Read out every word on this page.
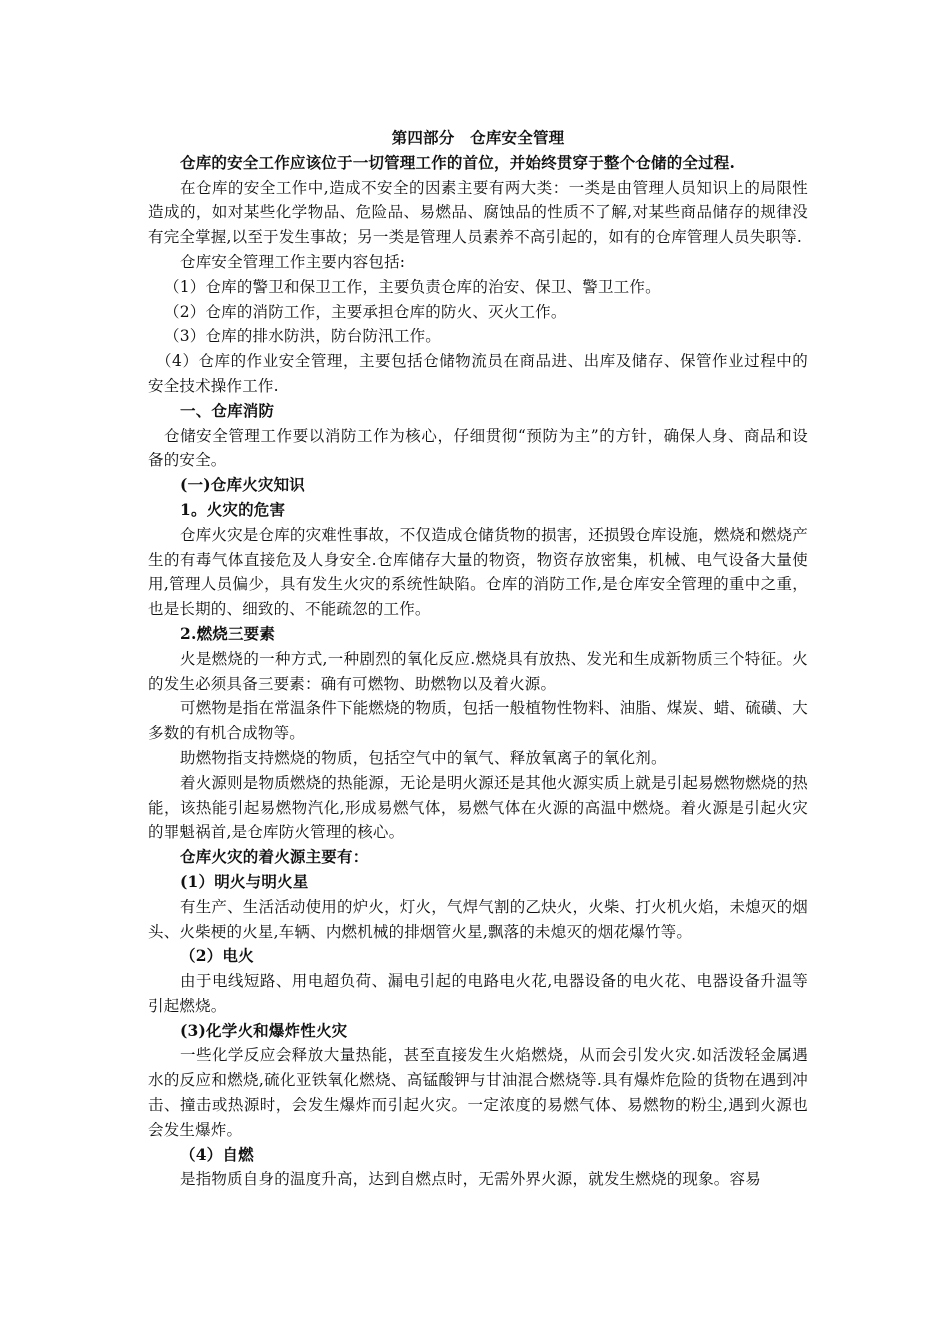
第四部分　仓库安全管理

仓库的安全工作应该位于一切管理工作的首位，并始终贯穿于整个仓储的全过程.

在仓库的安全工作中,造成不安全的因素主要有两大类：一类是由管理人员知识上的局限性造成的，如对某些化学物品、危险品、易燃品、腐蚀品的性质不了解,对某些商品储存的规律没有完全掌握,以至于发生事故；另一类是管理人员素养不高引起的，如有的仓库管理人员失职等.

仓库安全管理工作主要内容包括:

（1）仓库的警卫和保卫工作，主要负责仓库的治安、保卫、警卫工作。

（2）仓库的消防工作，主要承担仓库的防火、灭火工作。

（3）仓库的排水防洪，防台防汛工作。

（4）仓库的作业安全管理，主要包括仓储物流员在商品进、出库及储存、保管作业过程中的安全技术操作工作.

一、仓库消防

仓储安全管理工作要以消防工作为核心，仔细贯彻“预防为主”的方针，确保人身、商品和设备的安全。

(一)仓库火灾知识

1。火灾的危害

仓库火灾是仓库的灾难性事故，不仅造成仓储货物的损害，还损毁仓库设施，燃烧和燃烧产生的有毒气体直接危及人身安全.仓库储存大量的物资，物资存放密集，机械、电气设备大量使用,管理人员偏少，具有发生火灾的系统性缺陷。仓库的消防工作,是仓库安全管理的重中之重，也是长期的、细致的、不能疏忽的工作。

2.燃烧三要素

火是燃烧的一种方式,一种剧烈的氧化反应.燃烧具有放热、发光和生成新物质三个特征。火的发生必须具备三要素：确有可燃物、助燃物以及着火源。

可燃物是指在常温条件下能燃烧的物质，包括一般植物性物料、油脂、煤炭、蜡、硫磺、大多数的有机合成物等。

助燃物指支持燃烧的物质，包括空气中的氧气、释放氧离子的氧化剂。

着火源则是物质燃烧的热能源，无论是明火源还是其他火源实质上就是引起易燃物燃烧的热能，该热能引起易燃物汽化,形成易燃气体，易燃气体在火源的高温中燃烧。着火源是引起火灾的罪魁祸首,是仓库防火管理的核心。

仓库火灾的着火源主要有：

(1）明火与明火星

有生产、生活活动使用的炉火，灯火，气焊气割的乙炔火，火柴、打火机火焰，未熄灭的烟头、火柴梗的火星,车辆、内燃机械的排烟管火星,飘落的未熄灭的烟花爆竹等。

（2）电火

由于电线短路、用电超负荷、漏电引起的电路电火花,电器设备的电火花、电器设备升温等引起燃烧。

(3)化学火和爆炸性火灾

一些化学反应会释放大量热能，甚至直接发生火焰燃烧，从而会引发火灾.如活泼轻金属遇水的反应和燃烧,硫化亚铁氧化燃烧、高锰酸钾与甘油混合燃烧等.具有爆炸危险的货物在遇到冲击、撞击或热源时，会发生爆炸而引起火灾。一定浓度的易燃气体、易燃物的粉尘,遇到火源也会发生爆炸。

（4）自燃

是指物质自身的温度升高，达到自燃点时，无需外界火源，就发生燃烧的现象。容易
